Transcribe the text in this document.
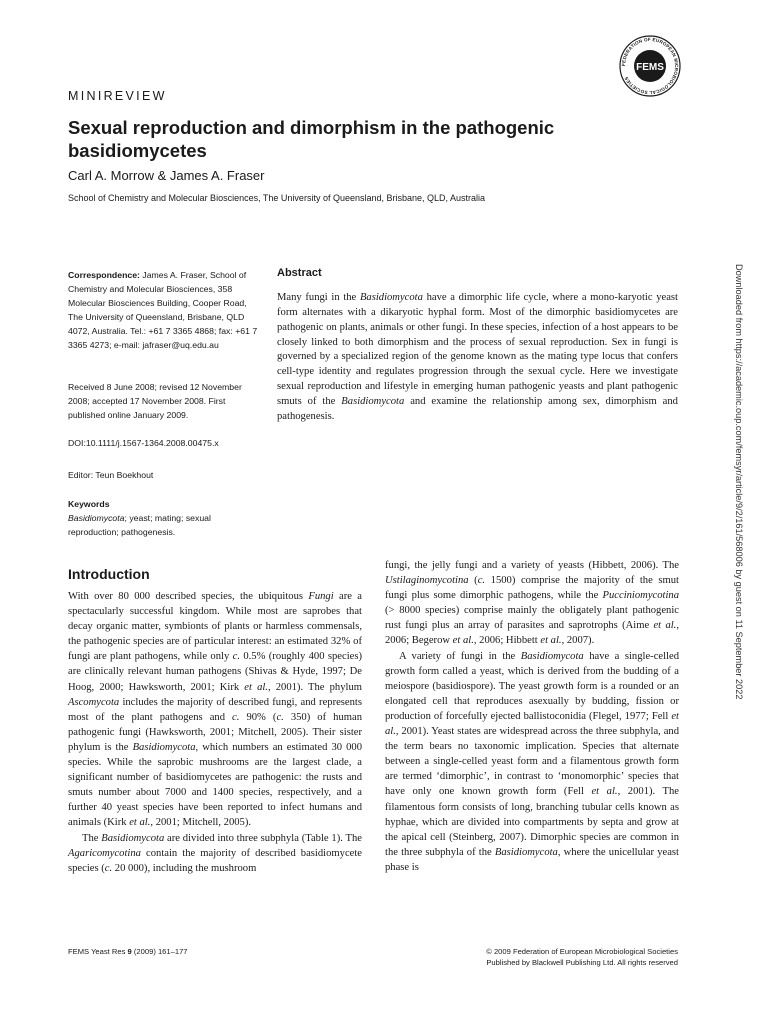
MINIREVIEW
Sexual reproduction and dimorphism in the pathogenic basidiomycetes
Carl A. Morrow & James A. Fraser
School of Chemistry and Molecular Biosciences, The University of Queensland, Brisbane, QLD, Australia
FEDERATION OF EUROPEAN MICROBIOLOGICAL SOCIETIES
FEMS
Downloaded from https://academic.oup.com/femsyr/article/9/2/161/568006 by guest on 11 September 2022
Correspondence: James A. Fraser, School of Chemistry and Molecular Biosciences, 358 Molecular Biosciences Building, Cooper Road, The University of Queensland, Brisbane, QLD 4072, Australia. Tel.: +61 7 3365 4868; fax: +61 7 3365 4273; e-mail: jafraser@uq.edu.au
Received 8 June 2008; revised 12 November 2008; accepted 17 November 2008. First published online January 2009.
DOI:10.1111/j.1567-1364.2008.00475.x
Editor: Teun Boekhout
Keywords
Basidiomycota; yeast; mating; sexual reproduction; pathogenesis.
Abstract
Many fungi in the Basidiomycota have a dimorphic life cycle, where a mono-karyotic yeast form alternates with a dikaryotic hyphal form. Most of the dimorphic basidiomycetes are pathogenic on plants, animals or other fungi. In these species, infection of a host appears to be closely linked to both dimorphism and the process of sexual reproduction. Sex in fungi is governed by a specialized region of the genome known as the mating type locus that confers cell-type identity and regulates progression through the sexual cycle. Here we investigate sexual reproduction and lifestyle in emerging human pathogenic yeasts and plant pathogenic smuts of the Basidiomycota and examine the relationship among sex, dimorphism and pathogenesis.
Introduction

With over 80 000 described species, the ubiquitous Fungi are a spectacularly successful kingdom. While most are saprobes that decay organic matter, symbionts of plants or harmless commensals, the pathogenic species are of particular interest: an estimated 32% of fungi are plant pathogens, while only c. 0.5% (roughly 400 species) are clinically relevant human pathogens (Shivas & Hyde, 1997; De Hoog, 2000; Hawksworth, 2001; Kirk et al., 2001). The phylum Ascomycota includes the majority of described fungi, and represents most of the plant pathogens and c. 90% (c. 350) of human pathogenic fungi (Hawksworth, 2001; Mitchell, 2005). Their sister phylum is the Basidiomycota, which numbers an estimated 30 000 species. While the saprobic mushrooms are the largest clade, a significant number of basidiomycetes are pathogenic: the rusts and smuts number about 7000 and 1400 species, respectively, and a further 40 yeast species have been reported to infect humans and animals (Kirk et al., 2001; Mitchell, 2005).

The Basidiomycota are divided into three subphyla (Table 1). The Agaricomycotina contain the majority of described basidiomycete species (c. 20 000), including the mushroom

fungi, the jelly fungi and a variety of yeasts (Hibbett, 2006). The Ustilaginomycotina (c. 1500) comprise the majority of the smut fungi plus some dimorphic pathogens, while the Pucciniomycotina (> 8000 species) comprise mainly the obligately plant pathogenic rust fungi plus an array of parasites and saprotrophs (Aime et al., 2006; Begerow et al., 2006; Hibbett et al., 2007).

A variety of fungi in the Basidiomycota have a single-celled growth form called a yeast, which is derived from the budding of a meiospore (basidiospore). The yeast growth form is a rounded or an elongated cell that reproduces asexually by budding, fission or production of forcefully ejected ballistoconidia (Flegel, 1977; Fell et al., 2001). Yeast states are widespread across the three subphyla, and the term bears no taxonomic implication. Species that alternate between a single-celled yeast form and a filamentous growth form are termed ‘dimorphic’, in contrast to ‘monomorphic’ species that have only one known growth form (Fell et al., 2001). The filamentous form consists of long, branching tubular cells known as hyphae, which are divided into compartments by septa and grow at the apical cell (Steinberg, 2007). Dimorphic species are common in the three subphyla of the Basidiomycota, where the unicellular yeast phase is

FEMS Yeast Res 9 (2009) 161–177	© 2009 Federation of European Microbiological Societies
Published by Blackwell Publishing Ltd. All rights reserved
